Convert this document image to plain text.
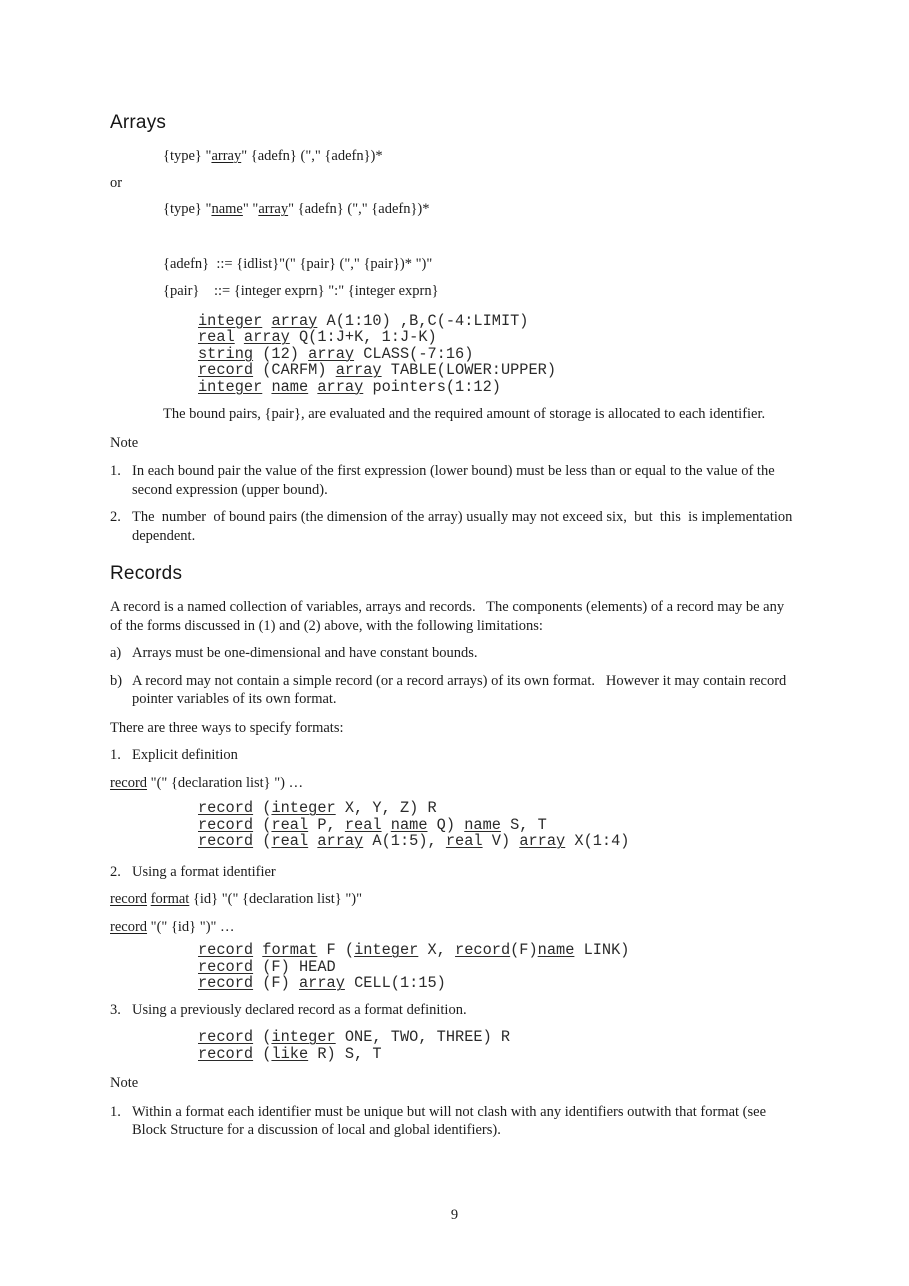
Arrays
{type} "array" {adefn} ("," {adefn})*
or
{type} "name" "array" {adefn} ("," {adefn})*
{adefn}  ::= {idlist}"(" {pair} ("," {pair})* ")"
{pair}    ::= {integer exprn} ":" {integer exprn}
integer array A(1:10) ,B,C(-4:LIMIT)
real array Q(1:J+K, 1:J-K)
string (12) array CLASS(-7:16)
record (CARFM) array TABLE(LOWER:UPPER)
integer name array pointers(1:12)
The bound pairs, {pair}, are evaluated and the required amount of storage is allocated to each identifier.
Note
1. In each bound pair the value of the first expression (lower bound) must be less than or equal to the value of the second expression (upper bound).
2. The  number  of bound pairs (the dimension of the array) usually may not exceed six,  but  this  is implementation dependent.
Records
A record is a named collection of variables, arrays and records.   The components (elements) of a record may be any of the forms discussed in (1) and (2) above, with the following limitations:
a) Arrays must be one-dimensional and have constant bounds.
b) A record may not contain a simple record (or a record arrays) of its own format.   However it may contain record pointer variables of its own format.
There are three ways to specify formats:
1. Explicit definition
record "(" {declaration list} ") …
record (integer X, Y, Z) R
record (real P, real name Q) name S, T
record (real array A(1:5), real V) array X(1:4)
2. Using a format identifier
record format {id} "(" {declaration list} ")"
record "(" {id} ")" …
record format F (integer X, record(F)name LINK)
record (F) HEAD
record (F) array CELL(1:15)
3. Using a previously declared record as a format definition.
record (integer ONE, TWO, THREE) R
record (like R) S, T
Note
1. Within a format each identifier must be unique but will not clash with any identifiers outwith that format (see Block Structure for a discussion of local and global identifiers).
9
